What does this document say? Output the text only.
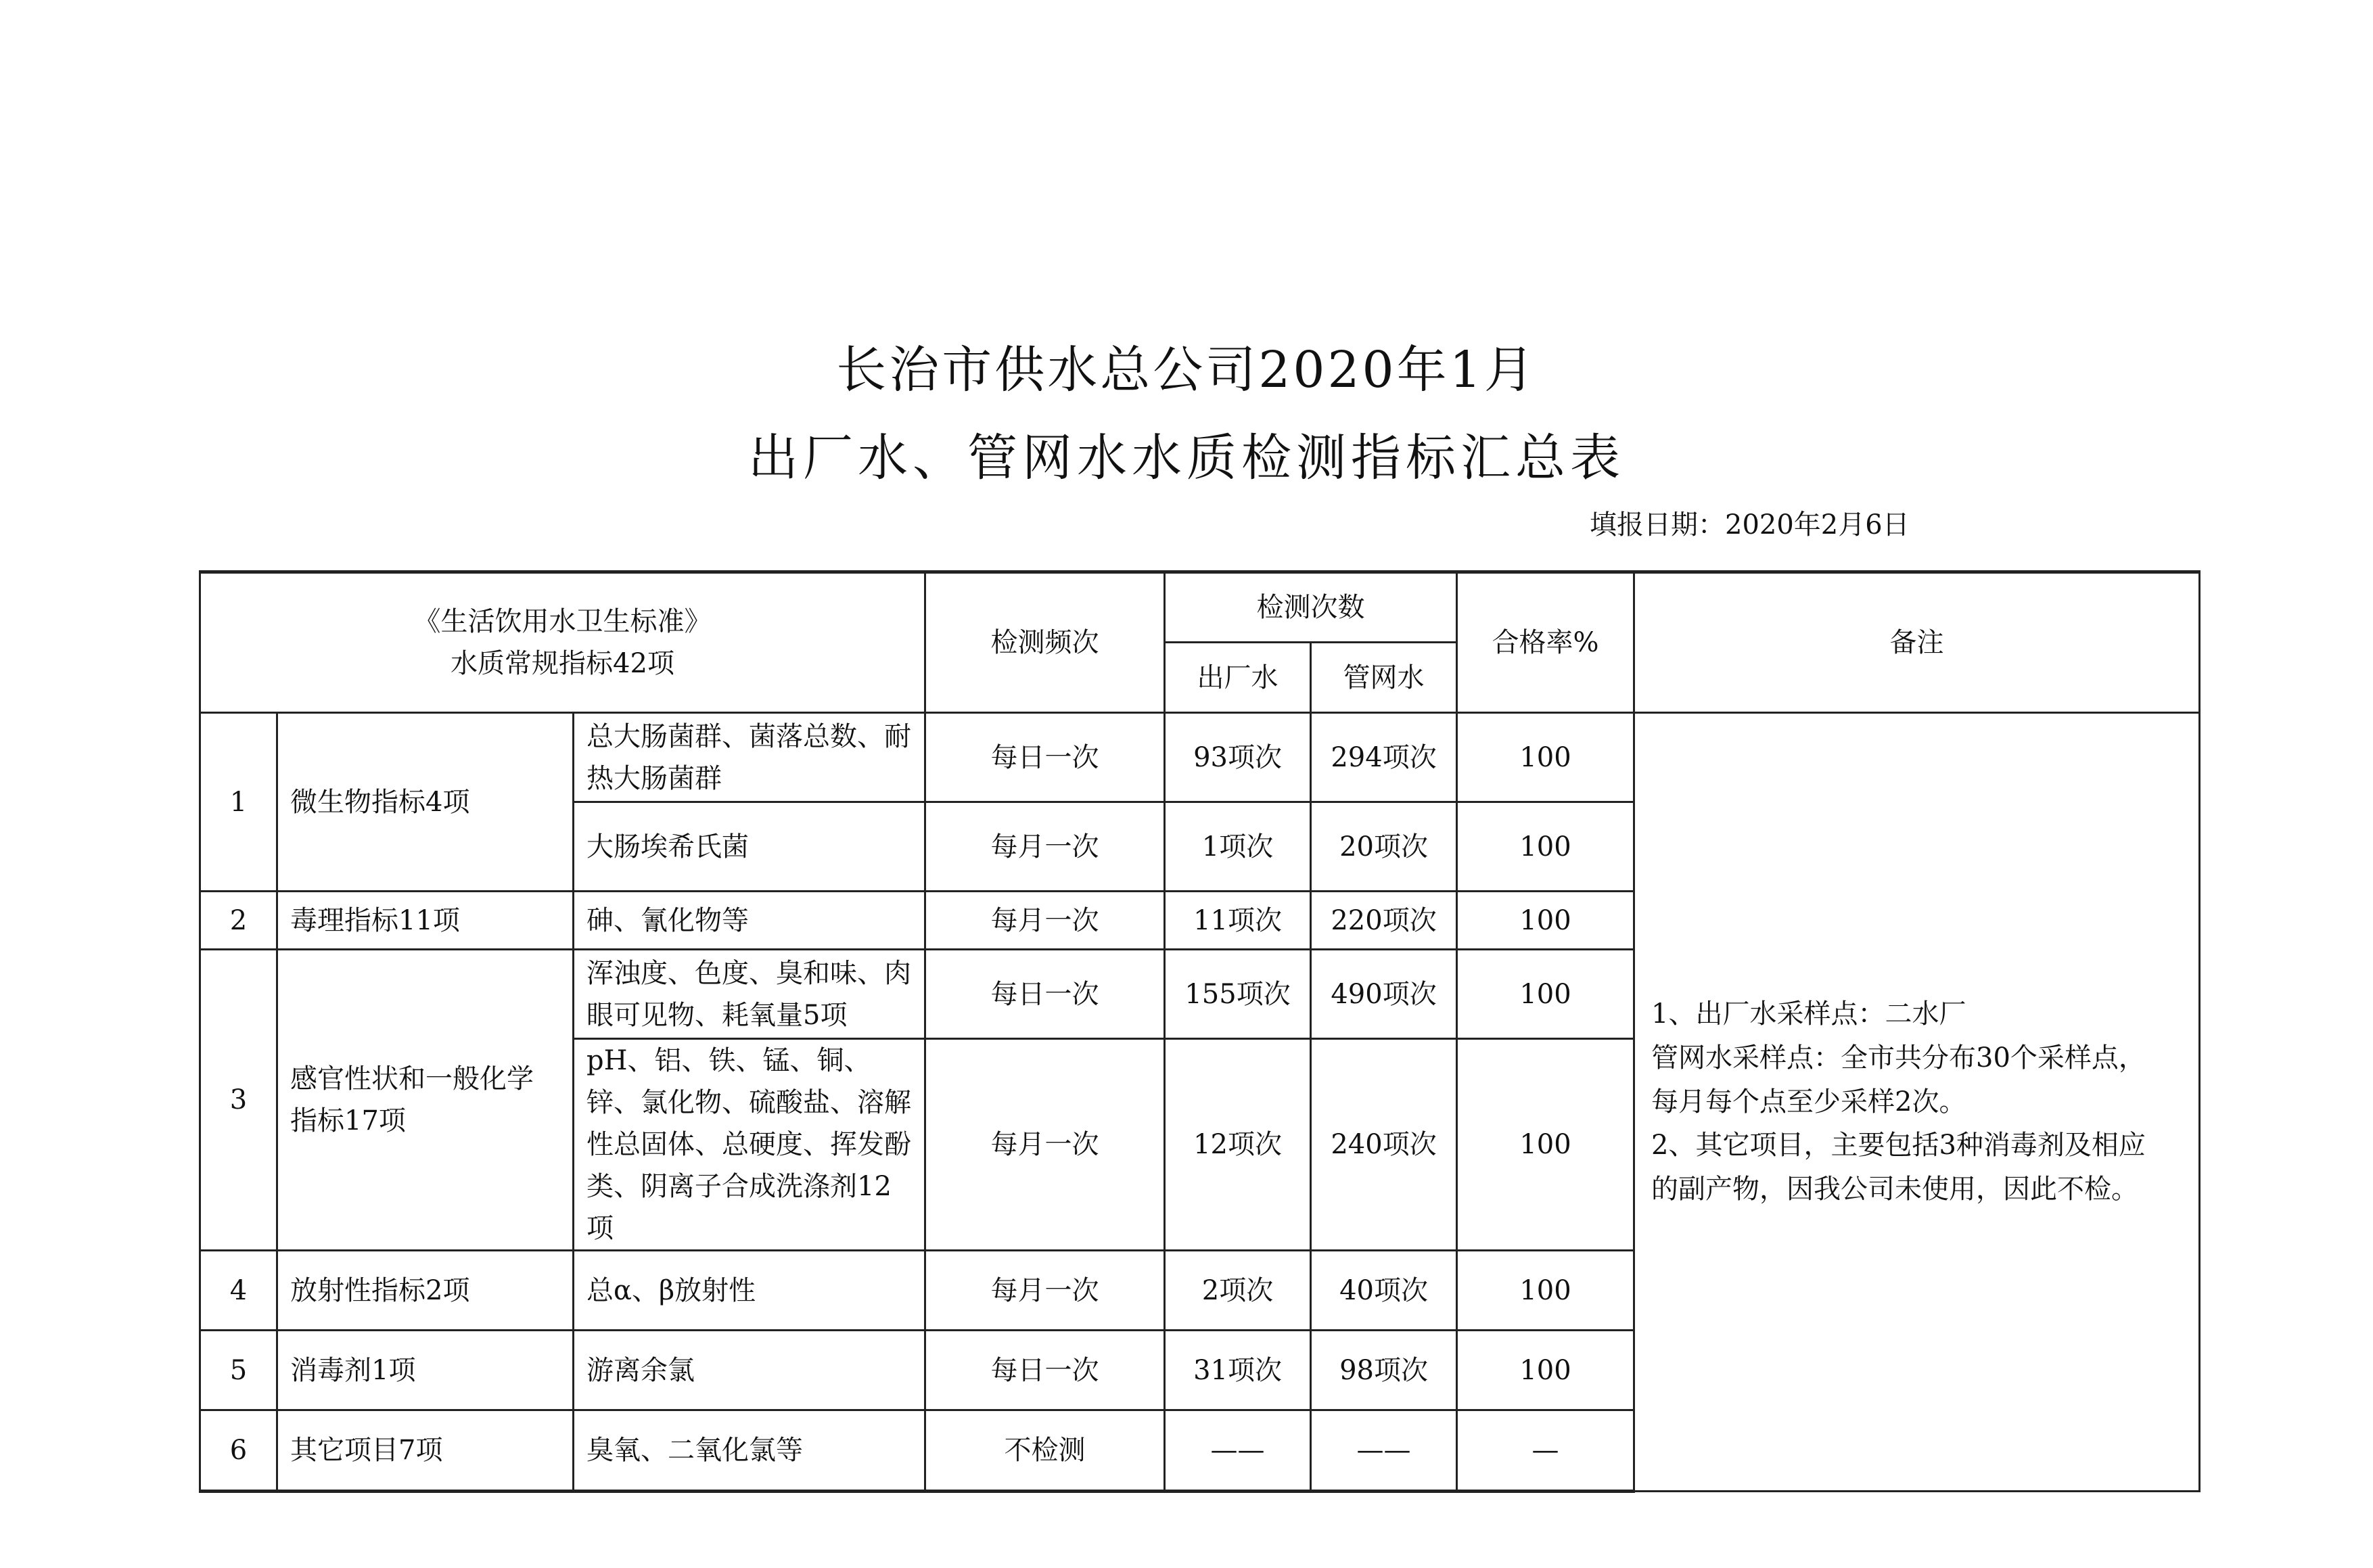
长治市供水总公司2020年1月
出厂水、管网水水质检测指标汇总表
填报日期：2020年2月6日
《生活饮用水卫生标准》
水质常规指标42项			检测频次	检测次数		合格率%	备注
				出厂水	管网水		
1	微生物指标4项	总大肠菌群、菌落总数、耐热大肠菌群	每日一次	93项次	294项次	100	1、出厂水采样点：二水厂
管网水采样点：全市共分布30个采样点，
每月每个点至少采样2次。
2、其它项目，主要包括3种消毒剂及相应
的副产物，因我公司未使用，因此不检。

		大肠埃希氏菌	每月一次	1项次	20项次	100	
2	毒理指标11项	砷、氰化物等	每月一次	11项次	220项次	100	
3	感官性状和一般化学指标17项	浑浊度、色度、臭和味、肉眼可见物、耗氧量5项	每日一次	155项次	490项次	100	
		pH、铝、铁、锰、铜、锌、氯化物、硫酸盐、溶解性总固体、总硬度、挥发酚类、阴离子合成洗涤剂12项	每月一次	12项次	240项次	100	
4	放射性指标2项	总α、β放射性	每月一次	2项次	40项次	100	
5	消毒剂1项	游离余氯	每日一次	31项次	98项次	100	
6	其它项目7项	臭氧、二氧化氯等	不检测	——	——	—	
